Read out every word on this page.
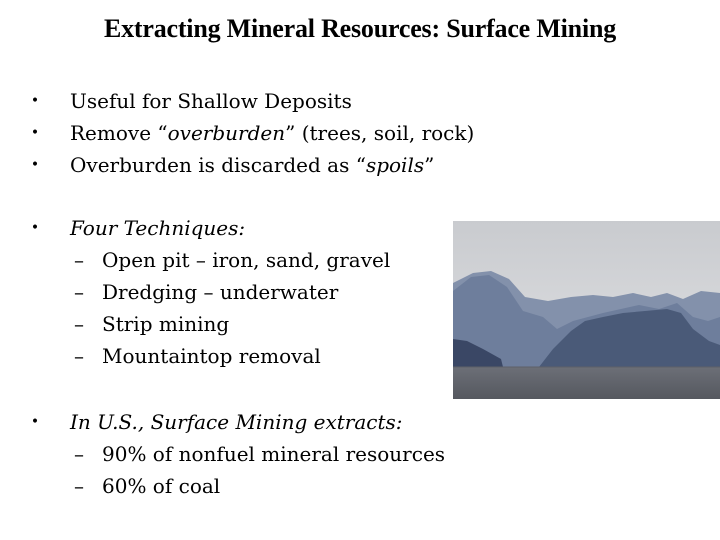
Extracting Mineral Resources: Surface Mining
• Useful for Shallow Deposits
• Remove “overburden” (trees, soil, rock)
• Overburden is discarded as “spoils”
• Four Techniques:
– Open pit – iron, sand, gravel
– Dredging – underwater
– Strip mining
– Mountaintop removal
• In U.S., Surface Mining extracts:
– 90% of nonfuel mineral resources
– 60% of coal
